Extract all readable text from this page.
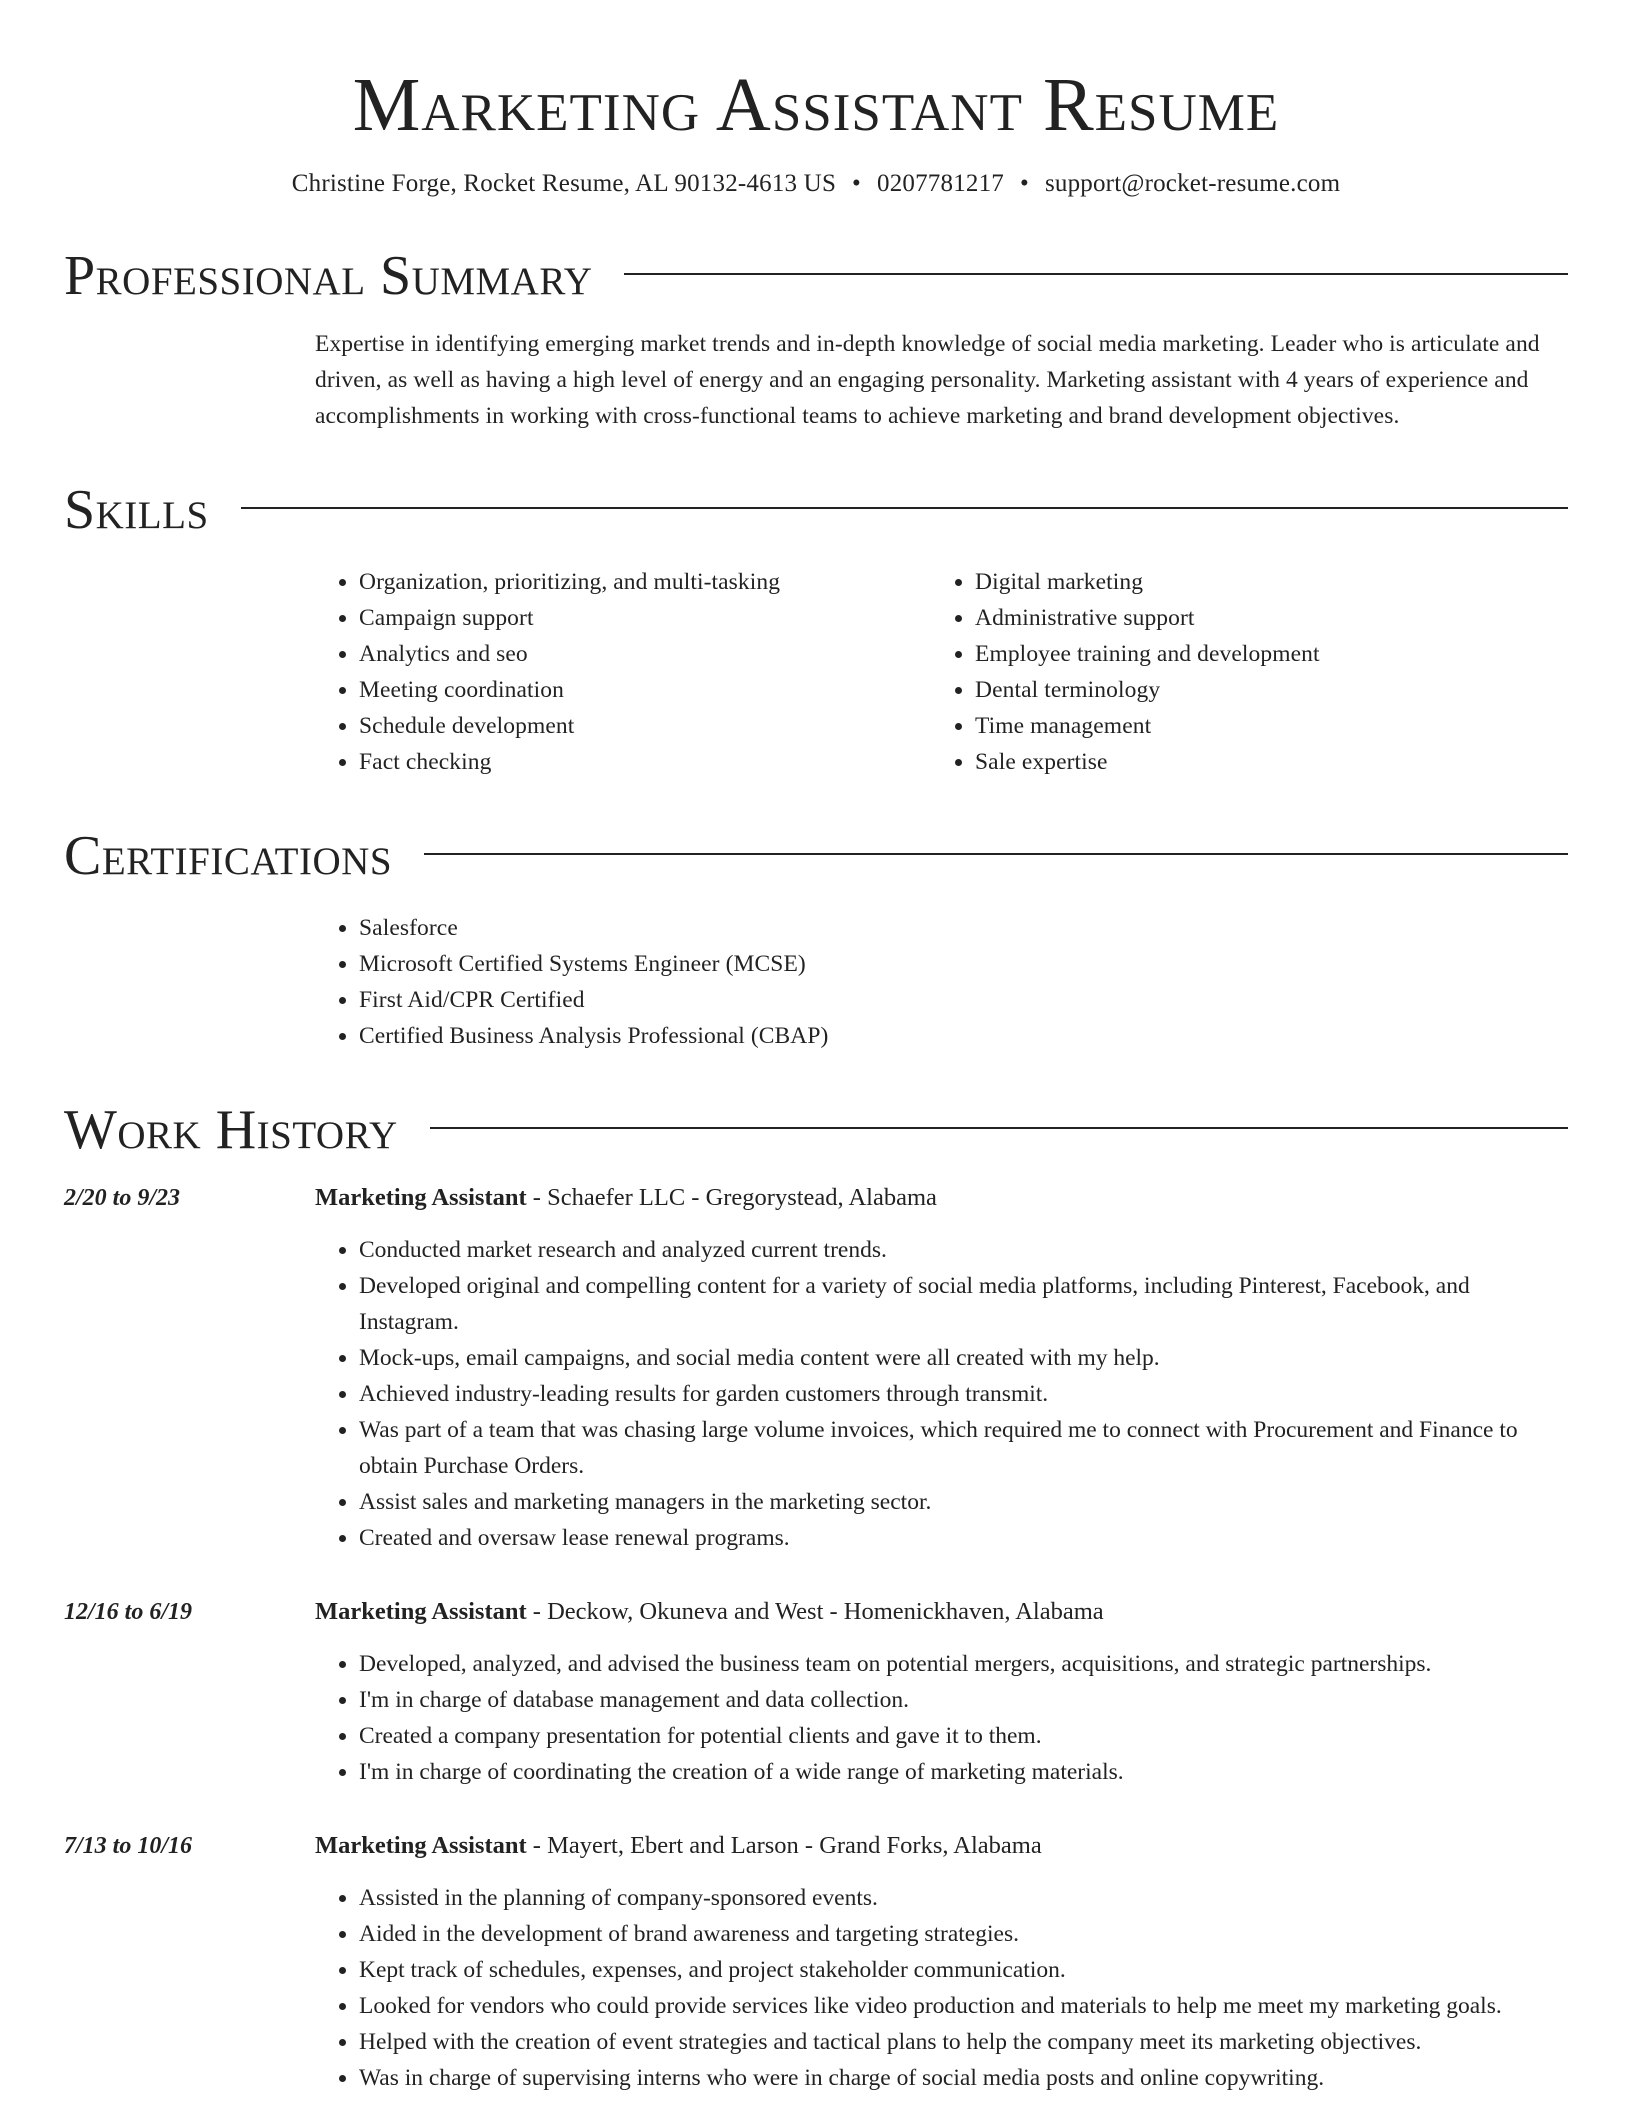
Marketing Assistant Resume
Christine Forge, Rocket Resume, AL 90132-4613 US • 0207781217 • support@rocket-resume.com
Professional Summary
Expertise in identifying emerging market trends and in-depth knowledge of social media marketing. Leader who is articulate and driven, as well as having a high level of energy and an engaging personality. Marketing assistant with 4 years of experience and accomplishments in working with cross-functional teams to achieve marketing and brand development objectives.
Skills
• Organization, prioritizing, and multi-tasking
• Campaign support
• Analytics and seo
• Meeting coordination
• Schedule development
• Fact checking
• Digital marketing
• Administrative support
• Employee training and development
• Dental terminology
• Time management
• Sale expertise
Certifications
• Salesforce
• Microsoft Certified Systems Engineer (MCSE)
• First Aid/CPR Certified
• Certified Business Analysis Professional (CBAP)
Work History
2/20 to 9/23	Marketing Assistant - Schaefer LLC - Gregorystead, Alabama
• Conducted market research and analyzed current trends.
• Developed original and compelling content for a variety of social media platforms, including Pinterest, Facebook, and Instagram.
• Mock-ups, email campaigns, and social media content were all created with my help.
• Achieved industry-leading results for garden customers through transmit.
• Was part of a team that was chasing large volume invoices, which required me to connect with Procurement and Finance to obtain Purchase Orders.
• Assist sales and marketing managers in the marketing sector.
• Created and oversaw lease renewal programs.
12/16 to 6/19	Marketing Assistant - Deckow, Okuneva and West - Homenickhaven, Alabama
• Developed, analyzed, and advised the business team on potential mergers, acquisitions, and strategic partnerships.
• I'm in charge of database management and data collection.
• Created a company presentation for potential clients and gave it to them.
• I'm in charge of coordinating the creation of a wide range of marketing materials.
7/13 to 10/16	Marketing Assistant - Mayert, Ebert and Larson - Grand Forks, Alabama
• Assisted in the planning of company-sponsored events.
• Aided in the development of brand awareness and targeting strategies.
• Kept track of schedules, expenses, and project stakeholder communication.
• Looked for vendors who could provide services like video production and materials to help me meet my marketing goals.
• Helped with the creation of event strategies and tactical plans to help the company meet its marketing objectives.
• Was in charge of supervising interns who were in charge of social media posts and online copywriting.
